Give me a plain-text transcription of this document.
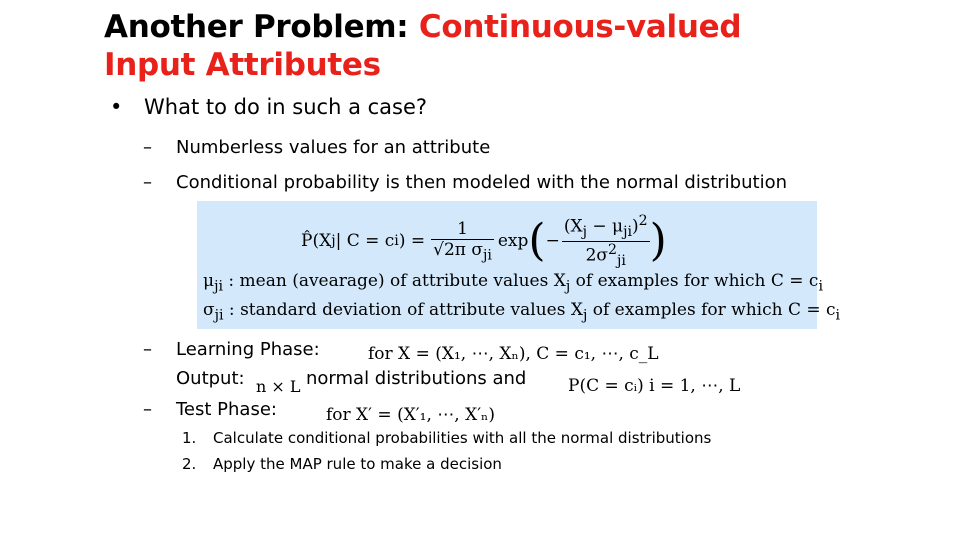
Another Problem: Continuous-valued
Input Attributes
• What to do in such a case?
– Numberless values for an attribute
– Conditional probability is then modeled with the normal distribution
P̂(X j | C = c i ) = $\frac{1}{√2\pi \sigma_{ji}}$ exp ( − $\frac{(X_j - \mu_{ji})^2}{2\sigma^2_{ji}}$ )
$\mu_{ji}$ : mean (avearage) of attribute values $X_j$ of examples for which $C = c_i$
$\sigma_{ji}$ : standard deviation of attribute values $X_j$ of examples for which $C = c_i$
– Learning Phase:	for X = (X₁, ⋯, Xₙ), C = c₁, ⋯, c_L
Output: n × L normal distributions and P(C = cᵢ) i = 1, ⋯, L
– Test Phase:	for X′ = (X′₁, ⋯, X′ₙ)
1. Calculate conditional probabilities with all the normal distributions
2. Apply the MAP rule to make a decision
